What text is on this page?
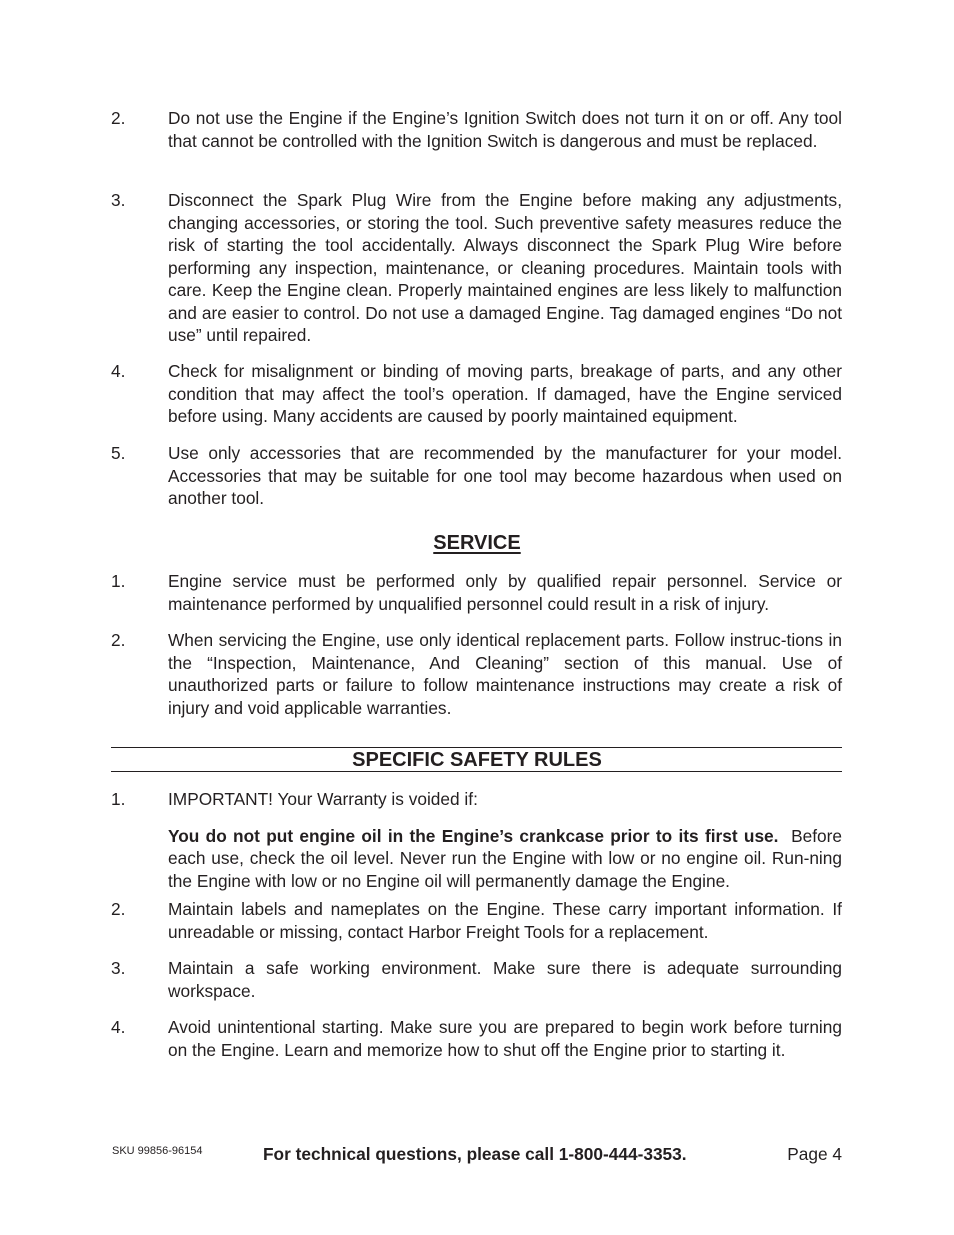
2.	Do not use the Engine if the Engine’s Ignition Switch does not turn it on or off. Any tool that cannot be controlled with the Ignition Switch is dangerous and must be replaced.
3.	Disconnect the Spark Plug Wire from the Engine before making any adjustments, changing accessories, or storing the tool. Such preventive safety measures reduce the risk of starting the tool accidentally. Always disconnect the Spark Plug Wire before performing any inspection, maintenance, or cleaning procedures. Maintain tools with care. Keep the Engine clean. Properly maintained engines are less likely to malfunction and are easier to control. Do not use a damaged Engine. Tag damaged engines “Do not use” until repaired.
4.	Check for misalignment or binding of moving parts, breakage of parts, and any other condition that may affect the tool’s operation. If damaged, have the Engine serviced before using. Many accidents are caused by poorly maintained equipment.
5.	Use only accessories that are recommended by the manufacturer for your model. Accessories that may be suitable for one tool may become hazardous when used on another tool.
SERVICE
1.	Engine service must be performed only by qualified repair personnel. Service or maintenance performed by unqualified personnel could result in a risk of injury.
2.	When servicing the Engine, use only identical replacement parts. Follow instruc-tions in the “Inspection, Maintenance, And Cleaning” section of this manual. Use of unauthorized parts or failure to follow maintenance instructions may create a risk of injury and void applicable warranties.
SPECIFIC SAFETY RULES
1.	IMPORTANT! Your Warranty is voided if:

You do not put engine oil in the Engine’s crankcase prior to its first use. Before each use, check the oil level. Never run the Engine with low or no engine oil. Run-ning the Engine with low or no Engine oil will permanently damage the Engine.

2.	Maintain labels and nameplates on the Engine. These carry important information. If unreadable or missing, contact Harbor Freight Tools for a replacement.
3.	Maintain a safe working environment. Make sure there is adequate surrounding workspace.
4.	Avoid unintentional starting. Make sure you are prepared to begin work before turning on the Engine. Learn and memorize how to shut off the Engine prior to starting it.
SKU 99856-96154	For technical questions, please call 1-800-444-3353.	Page 4
